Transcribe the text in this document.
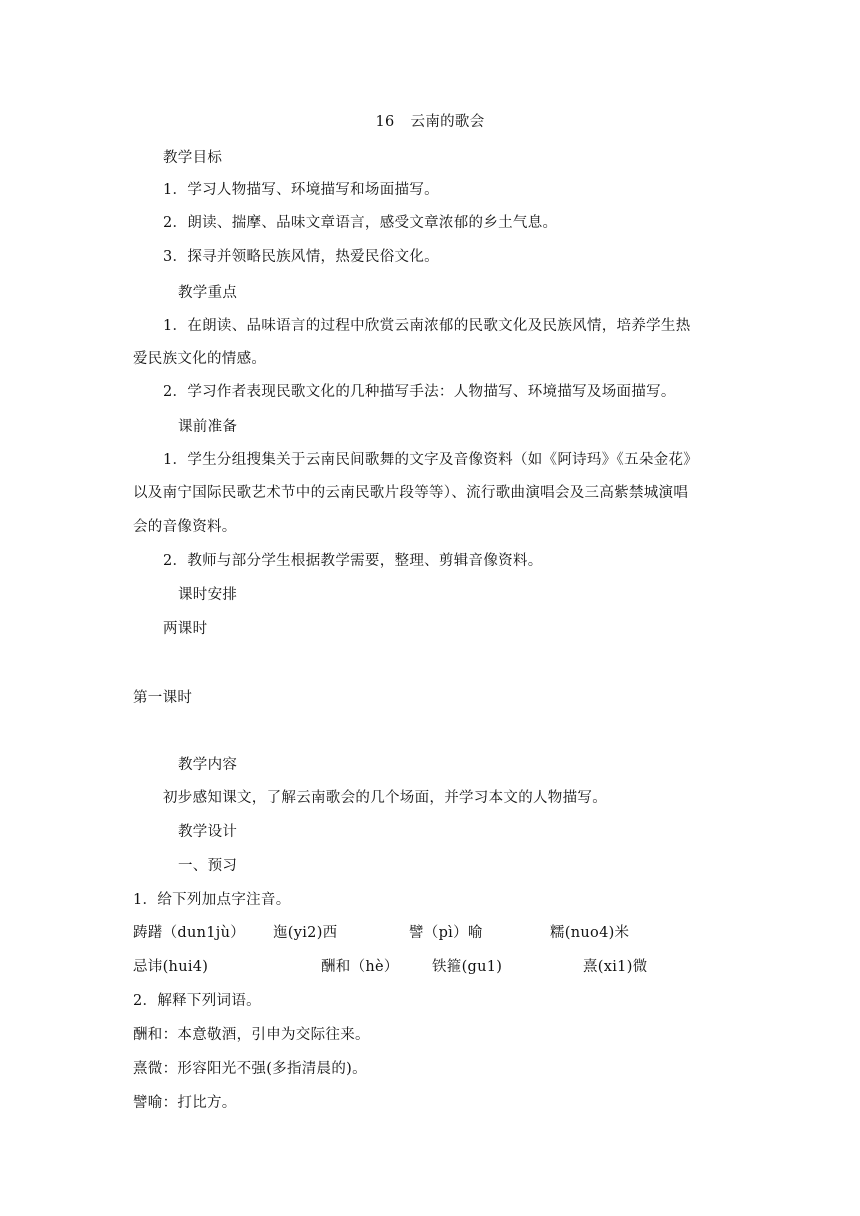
16 云南的歌会
教学目标
1．学习人物描写、环境描写和场面描写。
2．朗读、揣摩、品味文章语言，感受文章浓郁的乡土气息。
3．探寻并领略民族风情，热爱民俗文化。
教学重点
1．在朗读、品味语言的过程中欣赏云南浓郁的民歌文化及民族风情，培养学生热
爱民族文化的情感。
2．学习作者表现民歌文化的几种描写手法：人物描写、环境描写及场面描写。
课前准备
1．学生分组搜集关于云南民间歌舞的文字及音像资料（如《阿诗玛》《五朵金花》
以及南宁国际民歌艺术节中的云南民歌片段等等）、流行歌曲演唱会及三高紫禁城演唱
会的音像资料。
2．教师与部分学生根据教学需要，整理、剪辑音像资料。
课时安排
两课时
第一课时
教学内容
初步感知课文，了解云南歌会的几个场面，并学习本文的人物描写。
教学设计
一、预习
1．给下列加点字注音。
踌躇（dun1jù） 迤(yi2)西	譬（pì）喻	糯(nuo4)米
忌讳(hui4)	酬和（hè） 铁箍(gu1)	熹(xi1)微
2．解释下列词语。
酬和：本意敬酒，引申为交际往来。
熹微：形容阳光不强(多指清晨的)。
譬喻：打比方。
